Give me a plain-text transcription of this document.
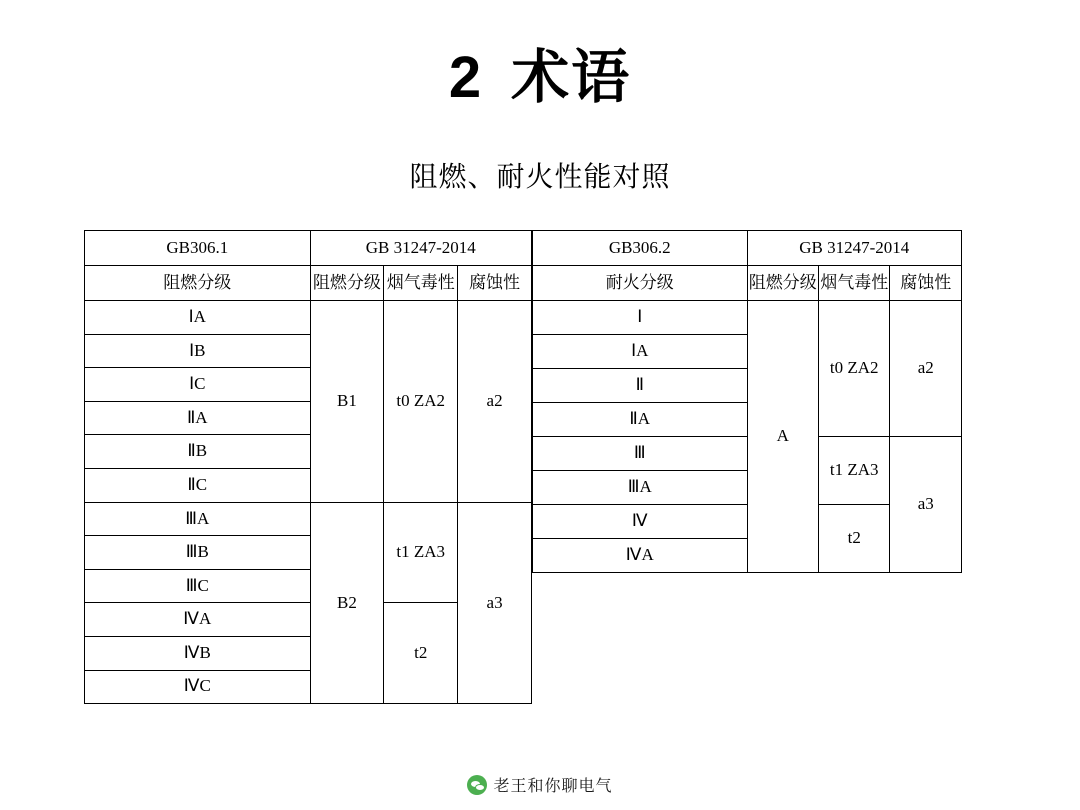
2 术语
阻燃、耐火性能对照
GB306.1	GB 31247-2014		
阻燃分级	阻燃分级	烟气毒性	腐蚀性
ⅠA	B1	t0 ZA2	a2
ⅠB			
ⅠC			
ⅡA			
ⅡB			
ⅡC			
ⅢA	B2	t1 ZA3	a3
ⅢB			
ⅢC			
ⅣA		t2	
ⅣB			
ⅣC			
GB306.2	GB 31247-2014		
耐火分级	阻燃分级	烟气毒性	腐蚀性
Ⅰ	A	t0 ZA2	a2
ⅠA			
Ⅱ			
ⅡA			
Ⅲ		t1 ZA3	a3
ⅢA			
Ⅳ		t2	
ⅣA			
老王和你聊电气
